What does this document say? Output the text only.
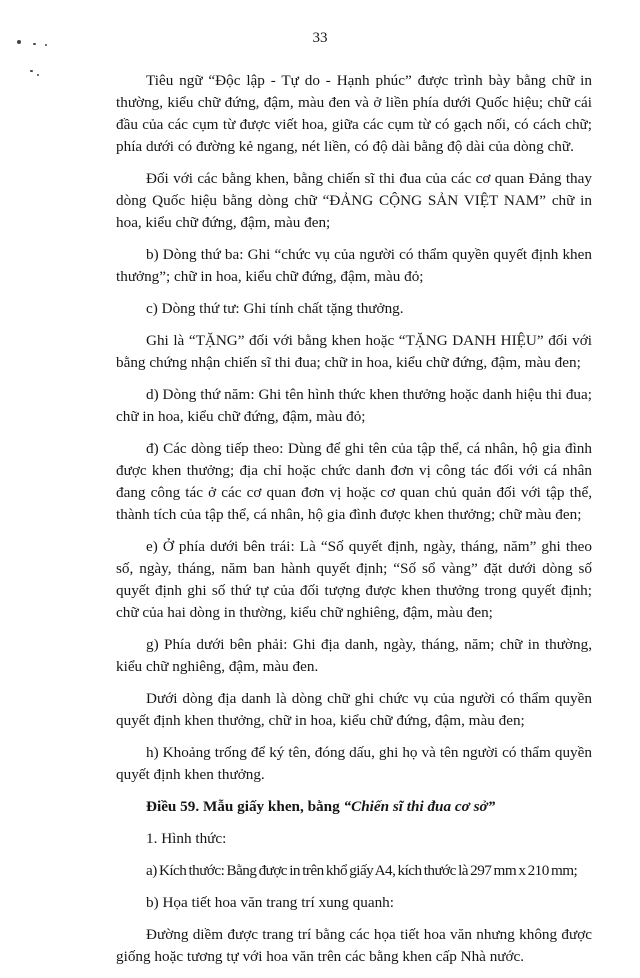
33

Tiêu ngữ “Độc lập - Tự do - Hạnh phúc” được trình bày bằng chữ in thường, kiểu chữ đứng, đậm, màu đen và ở liền phía dưới Quốc hiệu; chữ cái đầu của các cụm từ được viết hoa, giữa các cụm từ có gạch nối, có cách chữ; phía dưới có đường kẻ ngang, nét liền, có độ dài bằng độ dài của dòng chữ.

Đối với các bằng khen, bằng chiến sĩ thi đua của các cơ quan Đảng thay dòng Quốc hiệu bằng dòng chữ “ĐẢNG CỘNG SẢN VIỆT NAM” chữ in hoa, kiểu chữ đứng, đậm, màu đen;

b) Dòng thứ ba: Ghi “chức vụ của người có thẩm quyền quyết định khen thưởng”; chữ in hoa, kiểu chữ đứng, đậm, màu đỏ;

c) Dòng thứ tư: Ghi tính chất tặng thưởng.

Ghi là “TẶNG” đối với bằng khen hoặc “TẶNG DANH HIỆU” đối với bằng chứng nhận chiến sĩ thi đua; chữ in hoa, kiểu chữ đứng, đậm, màu đen;

d) Dòng thứ năm: Ghi tên hình thức khen thưởng hoặc danh hiệu thi đua; chữ in hoa, kiểu chữ đứng, đậm, màu đỏ;

đ) Các dòng tiếp theo: Dùng để ghi tên của tập thể, cá nhân, hộ gia đình được khen thưởng; địa chỉ hoặc chức danh đơn vị công tác đối với cá nhân đang công tác ở các cơ quan đơn vị hoặc cơ quan chủ quản đối với tập thể, thành tích của tập thể, cá nhân, hộ gia đình được khen thưởng; chữ màu đen;

e) Ở phía dưới bên trái: Là “Số quyết định, ngày, tháng, năm” ghi theo số, ngày, tháng, năm ban hành quyết định; “Số sổ vàng” đặt dưới dòng số quyết định ghi số thứ tự của đối tượng được khen thưởng trong quyết định; chữ của hai dòng in thường, kiểu chữ nghiêng, đậm, màu đen;

g) Phía dưới bên phải: Ghi địa danh, ngày, tháng, năm; chữ in thường, kiểu chữ nghiêng, đậm, màu đen.

Dưới dòng địa danh là dòng chữ ghi chức vụ của người có thẩm quyền quyết định khen thưởng, chữ in hoa, kiểu chữ đứng, đậm, màu đen;

h) Khoảng trống để ký tên, đóng dấu, ghi họ và tên người có thẩm quyền quyết định khen thưởng.

Điều 59. Mẫu giấy khen, bằng “Chiến sĩ thi đua cơ sở”

1. Hình thức:

a) Kích thước: Bằng được in trên khổ giấy A4, kích thước là 297 mm x 210 mm;

b) Họa tiết hoa văn trang trí xung quanh:

Đường diềm được trang trí bằng các họa tiết hoa văn nhưng không được giống hoặc tương tự với hoa văn trên các bằng khen cấp Nhà nước.
